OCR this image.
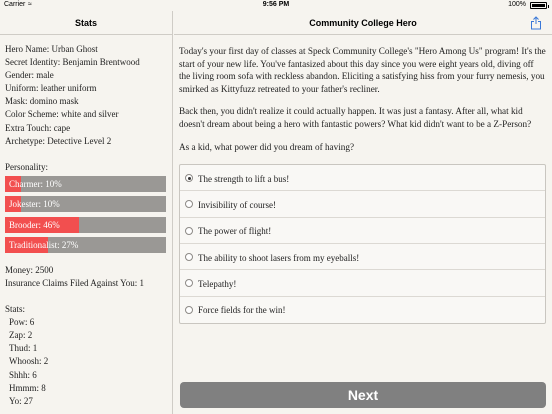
Carrier ≈	9:56 PM	100%
Stats
Hero Name: Urban Ghost
Secret Identity: Benjamin Brentwood
Gender: male
Uniform: leather uniform
Mask: domino mask
Color Scheme: white and silver
Extra Touch: cape
Archetype: Detective Level 2
Personality:
Charmer: 10%
Jokester: 10%
Brooder: 46%
Traditionalist: 27%
Money: 2500
Insurance Claims Filed Against You: 1
Stats:
Pow: 6
Zap: 2
Thud: 1
Whoosh: 2
Shhh: 6
Hmmm: 8
Yo: 27
Community College Hero

Today's your first day of classes at Speck Community College's "Hero Among Us" program! It's the start of your new life. You've fantasized about this day since you were eight years old, diving off the living room sofa with reckless abandon. Eliciting a satisfying hiss from your furry nemesis, you smirked as Kittyfuzz retreated to your father's recliner.

Back then, you didn't realize it could actually happen. It was just a fantasy. After all, what kid doesn't dream about being a hero with fantastic powers? What kid didn't want to be a Z-Person?

As a kid, what power did you dream of having?

The strength to lift a bus!
Invisibility of course!
The power of flight!
The ability to shoot lasers from my eyeballs!
Telepathy!
Force fields for the win!
Next
